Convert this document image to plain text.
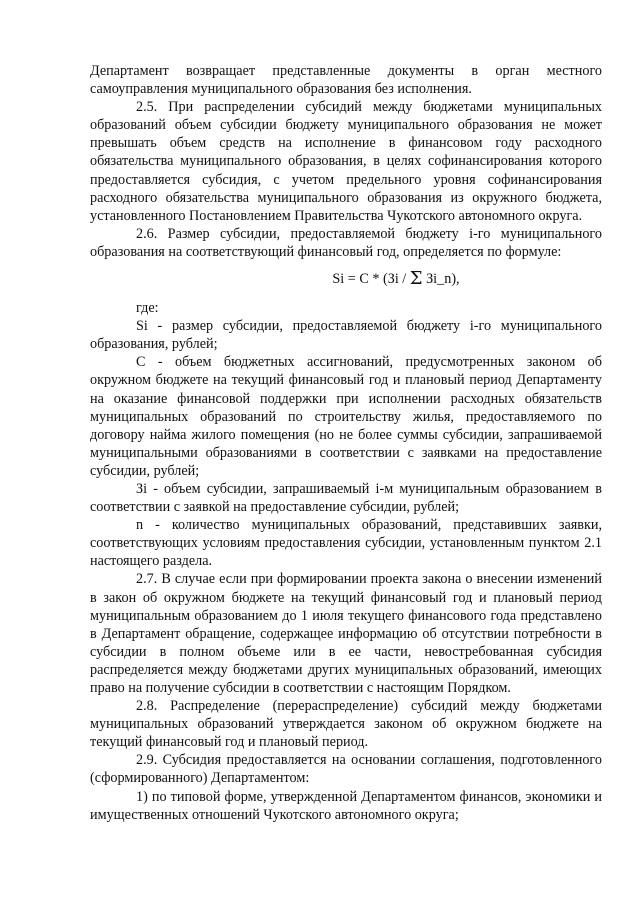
Департамент возвращает представленные документы в орган местного самоуправления муниципального образования без исполнения.

2.5. При распределении субсидий между бюджетами муниципальных образований объем субсидии бюджету муниципального образования не может превышать объем средств на исполнение в финансовом году расходного обязательства муниципального образования, в целях софинансирования которого предоставляется субсидия, с учетом предельного уровня софинансирования расходного обязательства муниципального образования из окружного бюджета, установленного Постановлением Правительства Чукотского автономного округа.

2.6. Размер субсидии, предоставляемой бюджету i-го муниципального образования на соответствующий финансовый год, определяется по формуле:

Si = C * (Зi / Σ Зi_n),

где:

Si - размер субсидии, предоставляемой бюджету i-го муниципального образования, рублей;

С - объем бюджетных ассигнований, предусмотренных законом об окружном бюджете на текущий финансовый год и плановый период Департаменту на оказание финансовой поддержки при исполнении расходных обязательств муниципальных образований по строительству жилья, предоставляемого по договору найма жилого помещения (но не более суммы субсидии, запрашиваемой муниципальными образованиями в соответствии с заявками на предоставление субсидии, рублей;

Зi - объем субсидии, запрашиваемый i-м муниципальным образованием в соответствии с заявкой на предоставление субсидии, рублей;

n - количество муниципальных образований, представивших заявки, соответствующих условиям предоставления субсидии, установленным пунктом 2.1 настоящего раздела.

2.7. В случае если при формировании проекта закона о внесении изменений в закон об окружном бюджете на текущий финансовый год и плановый период муниципальным образованием до 1 июля текущего финансового года представлено в Департамент обращение, содержащее информацию об отсутствии потребности в субсидии в полном объеме или в ее части, невостребованная субсидия распределяется между бюджетами других муниципальных образований, имеющих право на получение субсидии в соответствии с настоящим Порядком.

2.8. Распределение (перераспределение) субсидий между бюджетами муниципальных образований утверждается законом об окружном бюджете на текущий финансовый год и плановый период.

2.9. Субсидия предоставляется на основании соглашения, подготовленного (сформированного) Департаментом:

1) по типовой форме, утвержденной Департаментом финансов, экономики и имущественных отношений Чукотского автономного округа;
